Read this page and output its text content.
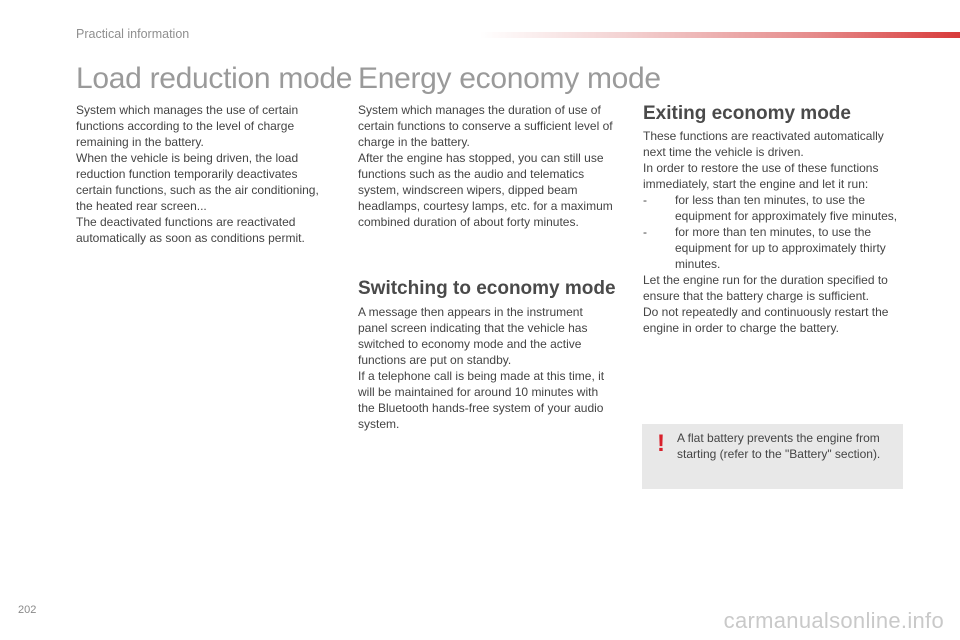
Practical information
Load reduction mode

System which manages the use of certain functions according to the level of charge remaining in the battery.

When the vehicle is being driven, the load reduction function temporarily deactivates certain functions, such as the air conditioning, the heated rear screen...

The deactivated functions are reactivated automatically as soon as conditions permit.

Energy economy mode

System which manages the duration of use of certain functions to conserve a sufficient level of charge in the battery.

After the engine has stopped, you can still use functions such as the audio and telematics system, windscreen wipers, dipped beam headlamps, courtesy lamps, etc. for a maximum combined duration of about forty minutes.

Switching to economy mode

A message then appears in the instrument panel screen indicating that the vehicle has switched to economy mode and the active functions are put on standby.

If a telephone call is being made at this time, it will be maintained for around 10 minutes with the Bluetooth hands-free system of your audio system.

Exiting economy mode

These functions are reactivated automatically next time the vehicle is driven.

In order to restore the use of these functions immediately, start the engine and let it run:

-	for less than ten minutes, to use the equipment for approximately five minutes,
-	for more than ten minutes, to use the equipment for up to approximately thirty minutes.

Let the engine run for the duration specified to ensure that the battery charge is sufficient.

Do not repeatedly and continuously restart the engine in order to charge the battery.

! A flat battery prevents the engine from starting (refer to the "Battery" section).
202	carmanualsonline.info
